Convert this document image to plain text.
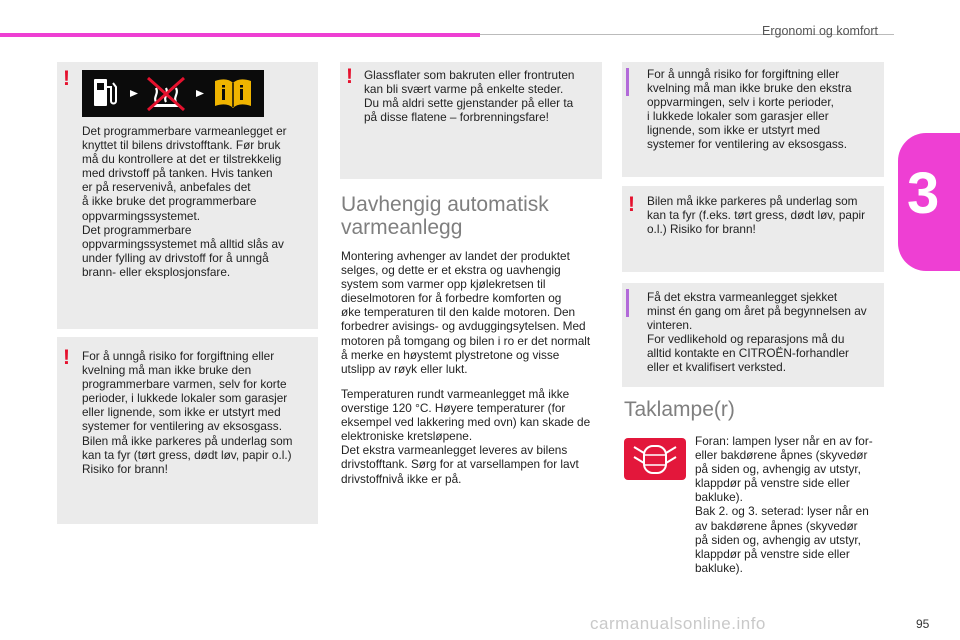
Ergonomi og komfort
3
!
Det programmerbare varmeanlegget er
knyttet til bilens drivstofftank. Før bruk
må du kontrollere at det er tilstrekkelig
med drivstoff på tanken. Hvis tanken
er på reservenivå, anbefales det
å ikke bruke det programmerbare
oppvarmingssystemet.
Det programmerbare
oppvarmingssystemet må alltid slås av
under fylling av drivstoff for å unngå
brann- eller eksplosjonsfare.
! For å unngå risiko for forgiftning eller
kvelning må man ikke bruke den
programmerbare varmen, selv for korte
perioder, i lukkede lokaler som garasjer
eller lignende, som ikke er utstyrt med
systemer for ventilering av eksosgass.
Bilen må ikke parkeres på underlag som
kan ta fyr (tørt gress, dødt løv, papir o.l.)
Risiko for brann!
! Glassflater som bakruten eller frontruten
kan bli svært varme på enkelte steder.
Du må aldri sette gjenstander på eller ta
på disse flatene – forbrenningsfare!
Uavhengig automatisk
varmeanlegg
Montering avhenger av landet der produktet
selges, og dette er et ekstra og uavhengig
system som varmer opp kjølekretsen til
dieselmotoren for å forbedre komforten og
øke temperaturen til den kalde motoren. Den
forbedrer avisings- og avduggingsytelsen. Med
motoren på tomgang og bilen i ro er det normalt
å merke en høystemt plystretone og visse
utslipp av røyk eller lukt.
Temperaturen rundt varmeanlegget må ikke
overstige 120 °C. Høyere temperaturer (for
eksempel ved lakkering med ovn) kan skade de
elektroniske kretsløpene.
Det ekstra varmeanlegget leveres av bilens
drivstofftank. Sørg for at varsellampen for lavt
drivstoffnivå ikke er på.
For å unngå risiko for forgiftning eller
kvelning må man ikke bruke den ekstra
oppvarmingen, selv i korte perioder,
i lukkede lokaler som garasjer eller
lignende, som ikke er utstyrt med
systemer for ventilering av eksosgass.
! Bilen må ikke parkeres på underlag som
kan ta fyr (f.eks. tørt gress, dødt løv, papir
o.l.) Risiko for brann!
Få det ekstra varmeanlegget sjekket
minst én gang om året på begynnelsen av
vinteren.
For vedlikehold og reparasjons må du
alltid kontakte en CITROËN-forhandler
eller et kvalifisert verksted.
Taklampe(r)
Foran: lampen lyser når en av for-
eller bakdørene åpnes (skyvedør
på siden og, avhengig av utstyr,
klappdør på venstre side eller
bakluke).
Bak 2. og 3. seterad: lyser når en
av bakdørene åpnes (skyvedør
på siden og, avhengig av utstyr,
klappdør på venstre side eller
bakluke).
carmanualsonline.info	95
